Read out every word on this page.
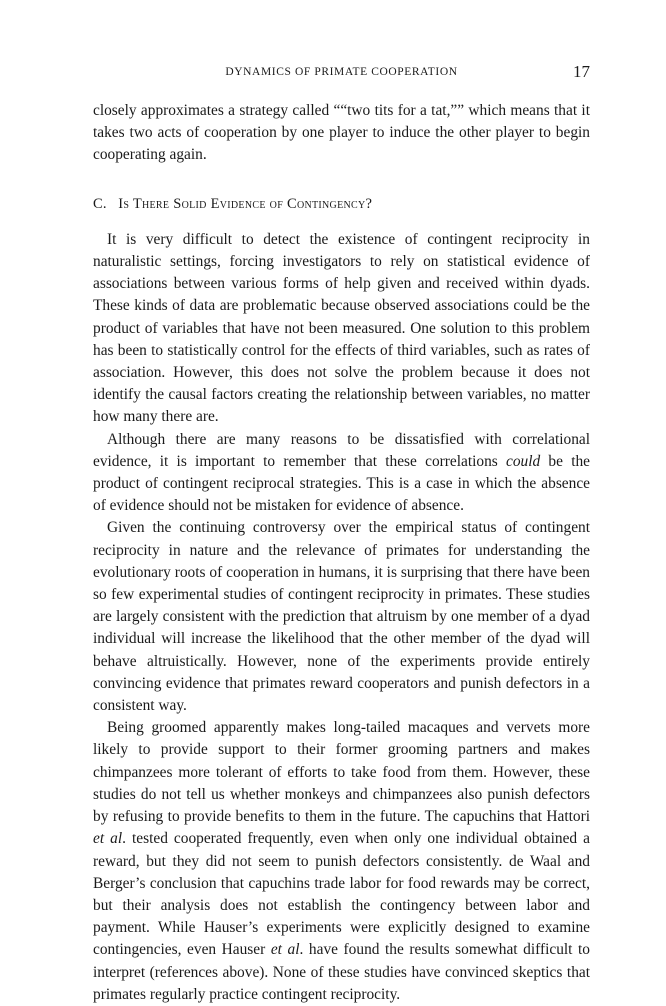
DYNAMICS OF PRIMATE COOPERATION	17

closely approximates a strategy called ““two tits for a tat,”” which means that it takes two acts of cooperation by one player to induce the other player to begin cooperating again.

C. Is There Solid Evidence of Contingency?

It is very difficult to detect the existence of contingent reciprocity in naturalistic settings, forcing investigators to rely on statistical evidence of associations between various forms of help given and received within dyads. These kinds of data are problematic because observed associations could be the product of variables that have not been measured. One solution to this problem has been to statistically control for the effects of third variables, such as rates of association. However, this does not solve the problem because it does not identify the causal factors creating the relationship between variables, no matter how many there are.

Although there are many reasons to be dissatisfied with correlational evidence, it is important to remember that these correlations could be the product of contingent reciprocal strategies. This is a case in which the absence of evidence should not be mistaken for evidence of absence.

Given the continuing controversy over the empirical status of contingent reciprocity in nature and the relevance of primates for understanding the evolutionary roots of cooperation in humans, it is surprising that there have been so few experimental studies of contingent reciprocity in primates. These studies are largely consistent with the prediction that altruism by one member of a dyad individual will increase the likelihood that the other member of the dyad will behave altruistically. However, none of the experiments provide entirely convincing evidence that primates reward cooperators and punish defectors in a consistent way.

Being groomed apparently makes long-tailed macaques and vervets more likely to provide support to their former grooming partners and makes chimpanzees more tolerant of efforts to take food from them. However, these studies do not tell us whether monkeys and chimpanzees also punish defectors by refusing to provide benefits to them in the future. The capuchins that Hattori et al. tested cooperated frequently, even when only one individual obtained a reward, but they did not seem to punish defectors consistently. de Waal and Berger’s conclusion that capuchins trade labor for food rewards may be correct, but their analysis does not establish the contingency between labor and payment. While Hauser’s experiments were explicitly designed to examine contingencies, even Hauser et al. have found the results somewhat difficult to interpret (references above). None of these studies have convinced skeptics that primates regularly practice contingent reciprocity.
